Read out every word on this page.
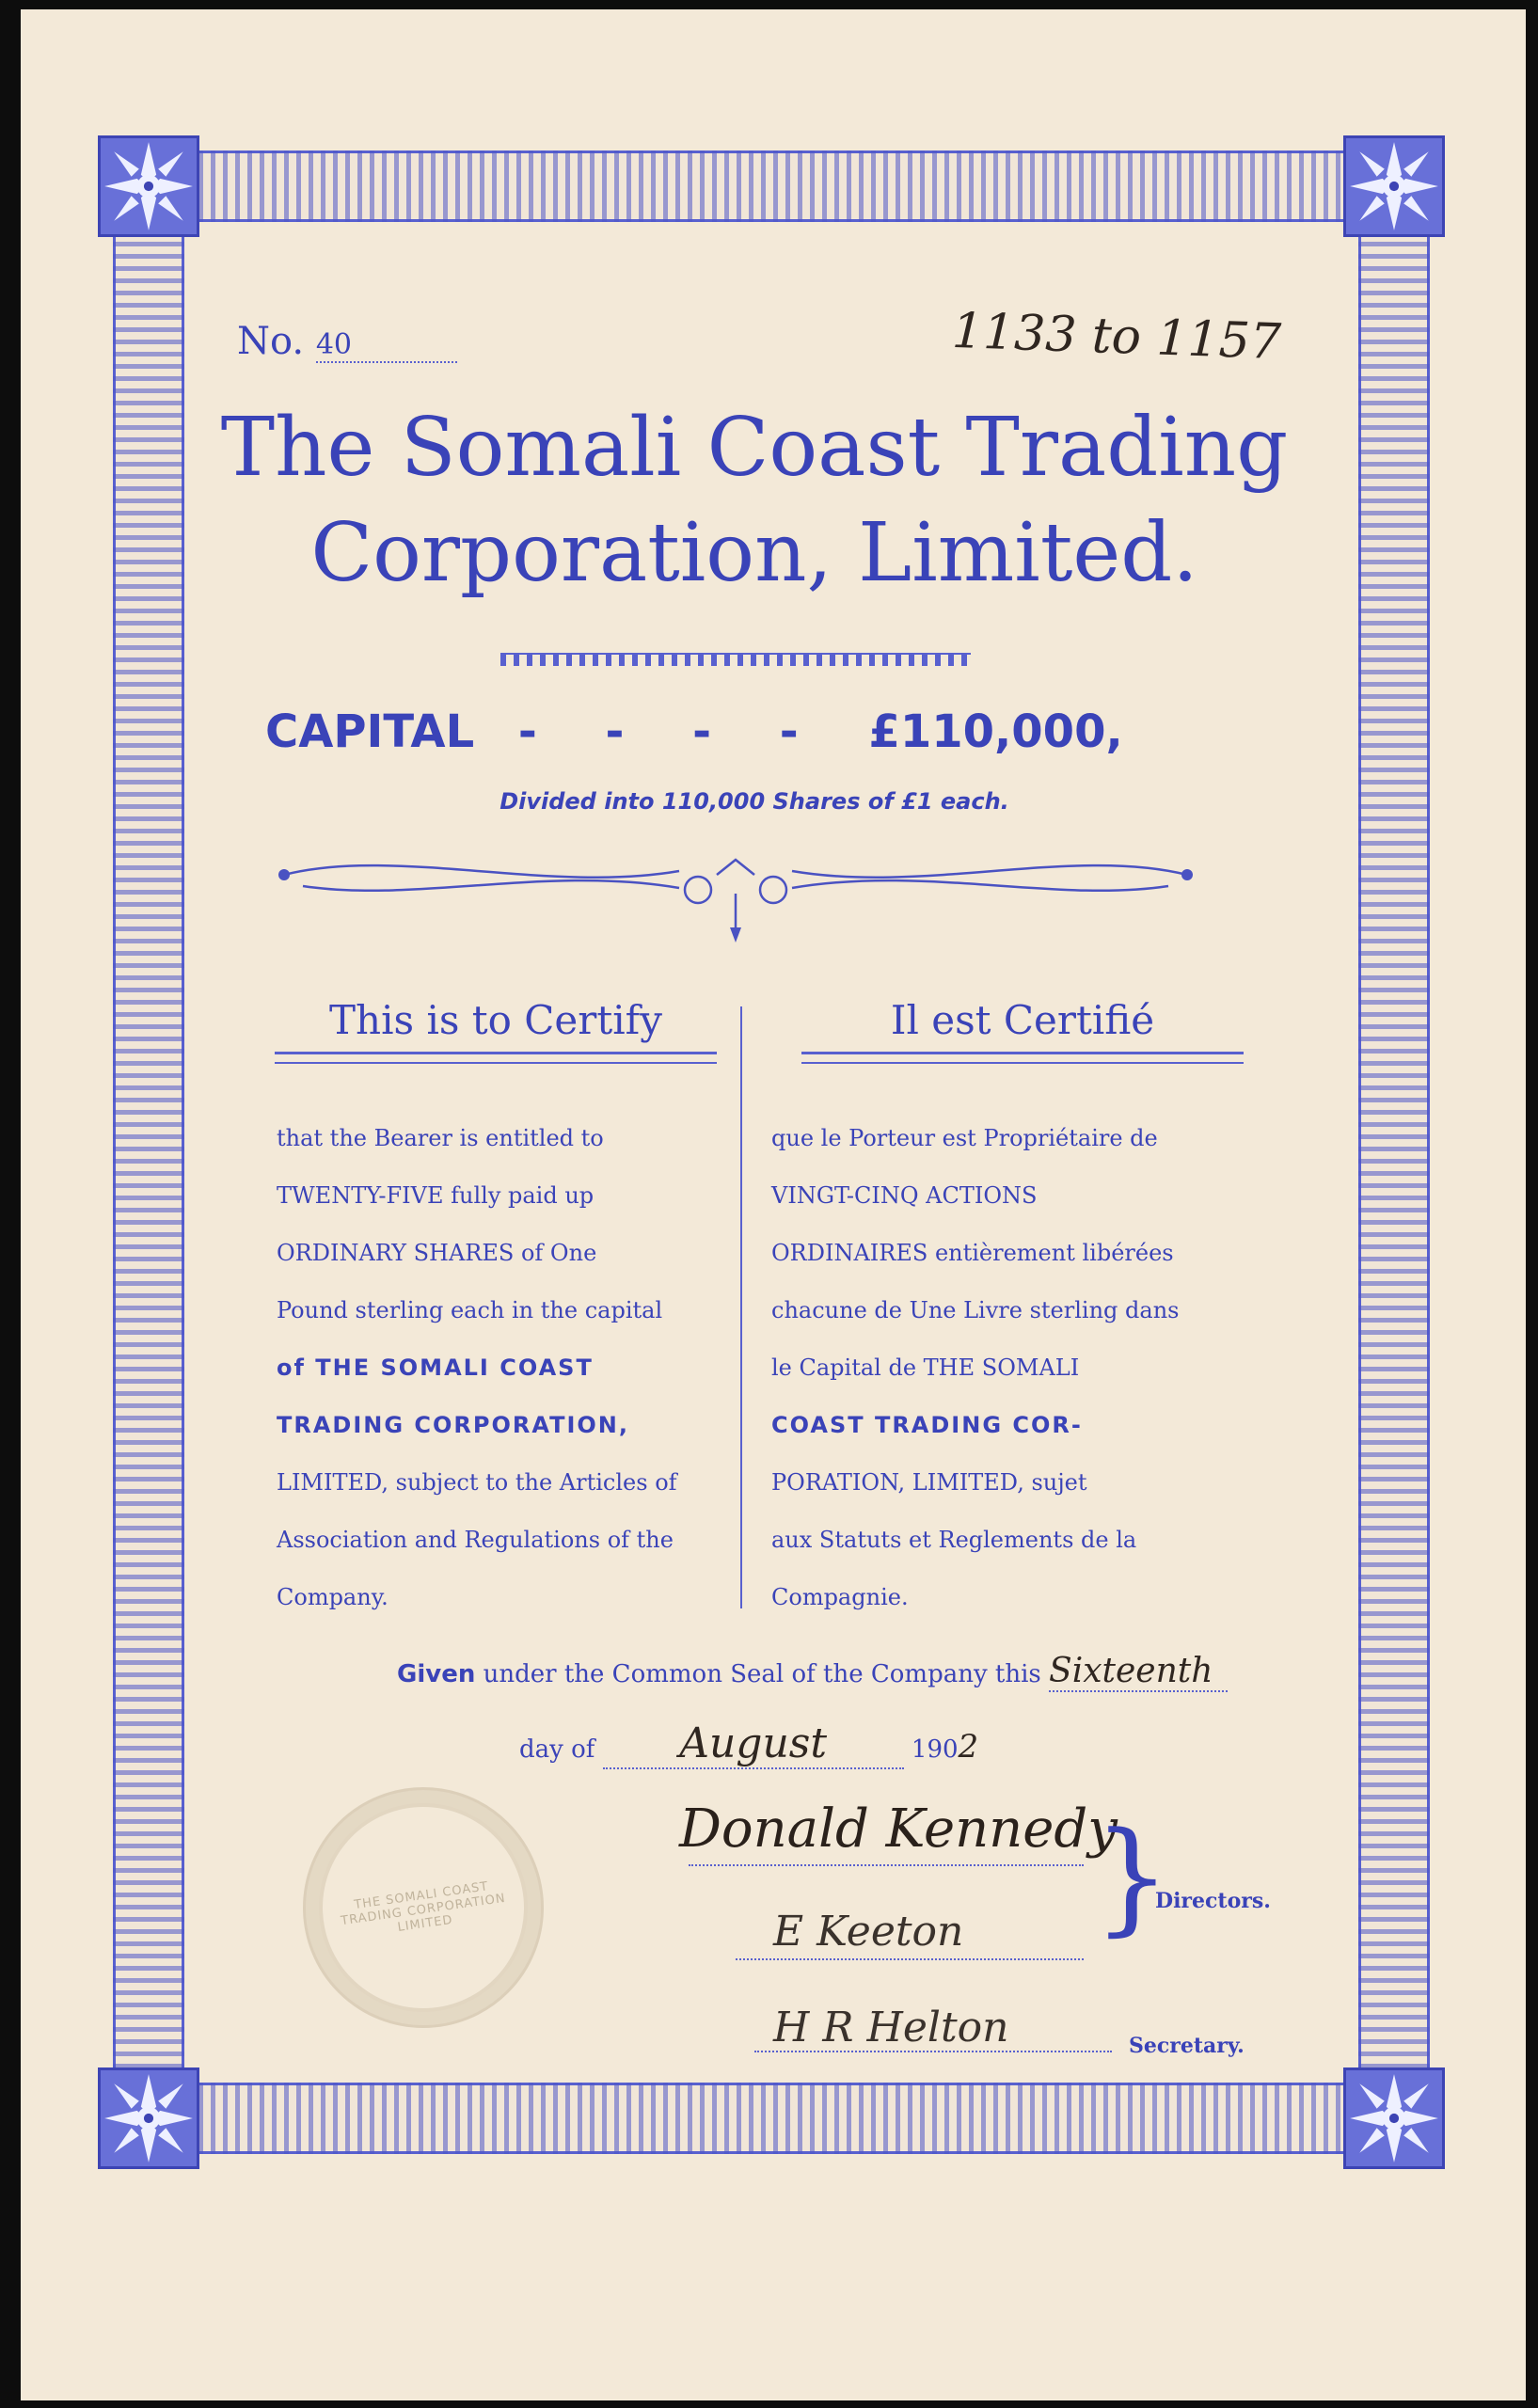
No. 40	1133 to 1157
The Somali Coast Trading
Corporation, Limited.
CAPITAL - - - - £110,000,
Divided into 110,000 Shares of £1 each.
This is to Certify	Il est Certifié
that the Bearer is entitled to
TWENTY-FIVE fully paid up
ORDINARY SHARES of One
Pound sterling each in the capital
of THE SOMALI COAST
TRADING CORPORATION,
LIMITED, subject to the Articles of
Association and Regulations of the
Company.
que le Porteur est Propriétaire de
VINGT-CINQ ACTIONS
ORDINAIRES entièrement libérées
chacune de Une Livre sterling dans
le Capital de THE SOMALI
COAST TRADING COR-
PORATION, LIMITED, sujet
aux Statuts et Reglements de la
Compagnie.
Given under the Common Seal of the Company this Sixteenth
day of August	1902
THE SOMALI COAST TRADING CORPORATION LIMITED
Donald Kennedy
E Keeton }
Directors.
H R Helton	Secretary.
